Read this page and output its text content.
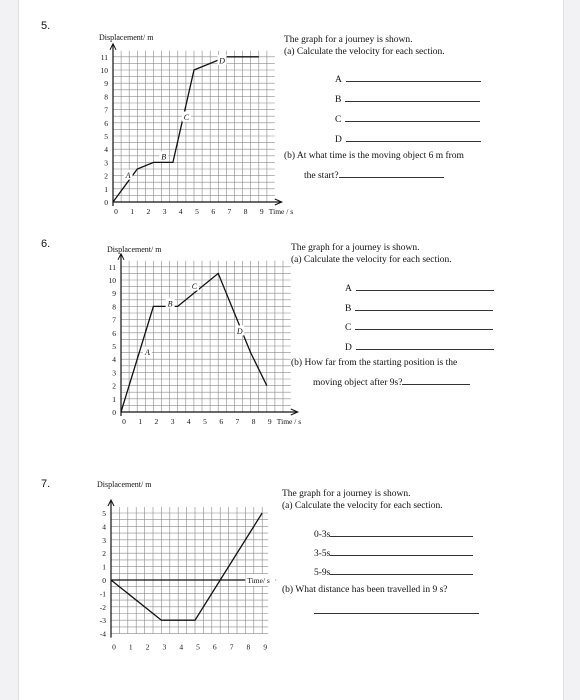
5.
0
1
2
3
4
5
6
7
8
9
10
11
0 1 2 3 4 5 6 7 8 9
Displacement/ m
Time / s
A
B
C
D
The graph for a journey is shown.
(a) Calculate the velocity for each section.
A
B
C
D
(b) At what time is the moving object 6 m from
the start?
6.
0
1
2
3
4
5
6
7
8
9
10
11
0 1 2 3 4 5 6 7 8 9
Displacement/ m
Time / s
A
B
C
D
The graph for a journey is shown.
(a) Calculate the velocity for each section.
A
B
C
D
(b) How far from the starting position is the
moving object after 9s?
7.
-4
-3
-2
-1
0
1
2
3
4
5
0 1 2 3 4 5 6 7 8 9
Displacement/ m
Time/ s
The graph for a journey is shown.
(a) Calculate the velocity for each section.
0-3s
3-5s
5-9s
(b) What distance has been travelled in 9 s?
